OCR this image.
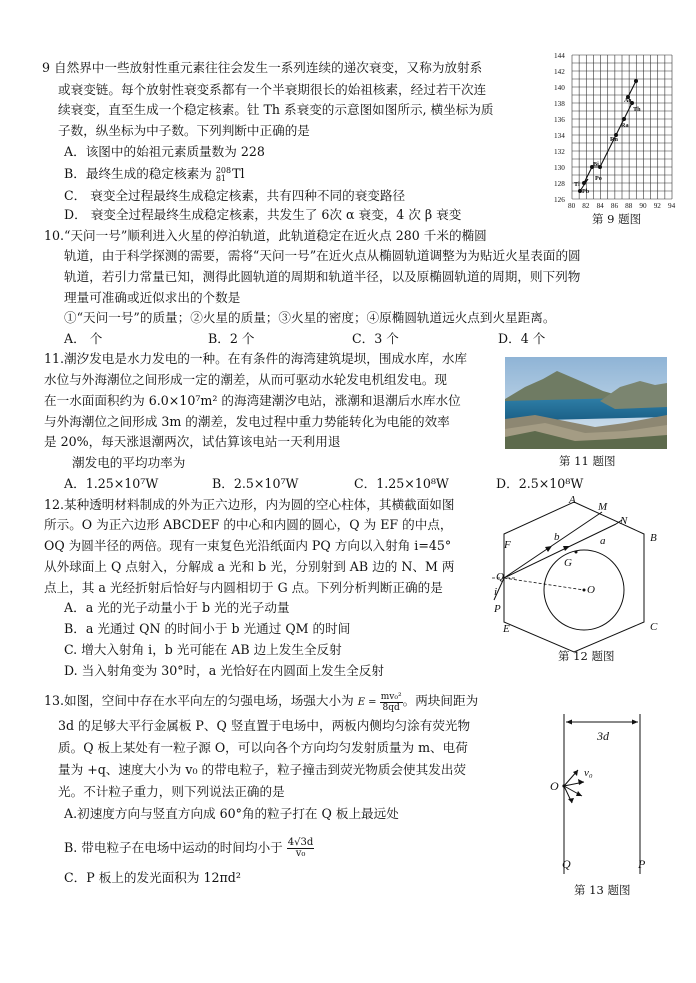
9 自然界中一些放射性重元素往往会发生一系列连续的递次衰变，又称为放射系
或衰变链。每个放射性衰变系都有一个半衰期很长的始祖核素，经过若干次连
续衰变，直至生成一个稳定核素。钍 Th 系衰变的示意图如图所示, 横坐标为质
子数，纵坐标为中子数。下列判断中正确的是
A．该图中的始祖元素质量数为 228
B．最终生成的稳定核素为 208
81 Tl
C． 衰变全过程最终生成稳定核素，共有四种不同的衰变路径
D． 衰变全过程最终生成稳定核素，共发生了 6次 α 衰变，4 次 β 衰变
144
142
140
138
136
134
132
130
128
126
80 82 84 86 88 90 92 94
Ac
Th
Ra
Rn
Bi
Po
Tl
Pb
第 9 题图
10.“天问一号”顺利进入火星的停泊轨道，此轨道稳定在近火点 280 千米的椭圆
轨道，由于科学探测的需要，需将“天问一号”在近火点从椭圆轨道调整为为贴近火星表面的圆
轨道，若引力常量已知，测得此圆轨道的周期和轨道半径，以及原椭圆轨道的周期，则下列物
理量可准确或近似求出的个数是
①“天问一号”的质量；②火星的质量；③火星的密度；④原椭圆轨道远火点到火星距离。
A． 个	B．2 个	C．3 个	D．4 个
11.潮汐发电是水力发电的一种。在有条件的海湾建筑堤坝，围成水库，水库
水位与外海潮位之间形成一定的潮差，从而可驱动水轮发电机组发电。现
在一水面面积约为 6.0×10⁷m² 的海湾建潮汐电站，涨潮和退潮后水库水位
与外海潮位之间形成 3m 的潮差，发电过程中重力势能转化为电能的效率
是 20%，每天涨退潮两次，试估算该电站一天利用退
潮发电的平均功率为
A．1.25×10⁷W	B．2.5×10⁷W	C．1.25×10⁸W	D．2.5×10⁸W
第 11 题图
12.某种透明材料制成的外为正六边形，内为圆的空心柱体，其横截面如图
所示。O 为正六边形 ABCDEF 的中心和内圆的圆心，Q 为 EF 的中点，
OQ 为圆半径的两倍。现有一束复色光沿纸面内 PQ 方向以入射角 i=45°
从外球面上 Q 点射入，分解成 a 光和 b 光，分别射到 AB 边的 N、M 两
点上，其 a 光经折射后恰好与内圆相切于 G 点。下列分析判断正确的是
A．a 光的光子动量小于 b 光的光子动量
B．a 光通过 QN 的时间小于 b 光通过 QM 的时间
C. 增大入射角 i，b 光可能在 AB 边上发生全反射
D. 当入射角变为 30°时，a 光恰好在内圆面上发生全反射
A
B
C
E
F
M
N
O
G
Q
P
b	a
i
第 12 题图
13.如图，空间中存在水平向左的匀强电场，场强大小为 $E = \frac{\text{mv₀²}}{8qd}$ 。两块间距为
3d 的足够大平行金属板 P、Q 竖直置于电场中，两板内侧均匀涂有荧光物
质。Q 板上某处有一粒子源 O，可以向各个方向均匀发射质量为 m、电荷
量为 +q、速度大小为 v₀ 的带电粒子，粒子撞击到荧光物质会使其发出荧
光。不计粒子重力，则下列说法正确的是
A.初速度方向与竖直方向成 60°角的粒子打在 Q 板上最远处
B. 带电粒子在电场中运动的时间均小于 $\frac{4√3d}{\text{v₀}}$
C．P 板上的发光面积为 12πd²
3d
O
v₀
Q	P
第 13 题图
